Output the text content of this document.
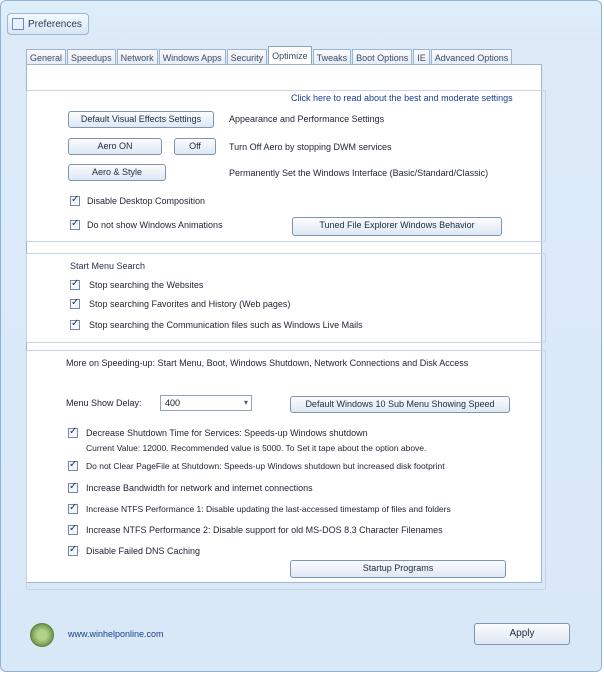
Preferences
General	Speedups	Network	Windows Apps	Security	Optimize	Tweaks	Boot Options	IE	Advanced Options
Click here to read about the best and moderate settings
Default Visual Effects Settings	Appearance and Performance Settings
Aero ON	Off	Turn Off Aero by stopping DWM services
Aero & Style	Permanently Set the Windows Interface (Basic/Standard/Classic)
✓
Disable Desktop Composition
✓
Do not show Windows Animations	Tuned File Explorer Windows Behavior
Start Menu Search
✓
Stop searching the Websites
✓
Stop searching Favorites and History (Web pages)
✓
Stop searching the Communication files such as Windows Live Mails
More on Speeding-up: Start Menu, Boot, Windows Shutdown, Network Connections and Disk Access
Menu Show Delay:	400	▾	Default Windows 10 Sub Menu Showing Speed
✓
Decrease Shutdown Time for Services: Speeds-up Windows shutdown
Current Value: 12000. Recommended value is 5000. To Set it tape about the option above.
✓
Do not Clear PageFile at Shutdown: Speeds-up Windows shutdown but increased disk footprint
✓
Increase Bandwidth for network and internet connections
✓
Increase NTFS Performance 1: Disable updating the last-accessed timestamp of files and folders
✓
Increase NTFS Performance 2: Disable support for old MS-DOS 8.3 Character Filenames
✓
Disable Failed DNS Caching
Startup Programs
www.winhelponline.com	Apply
